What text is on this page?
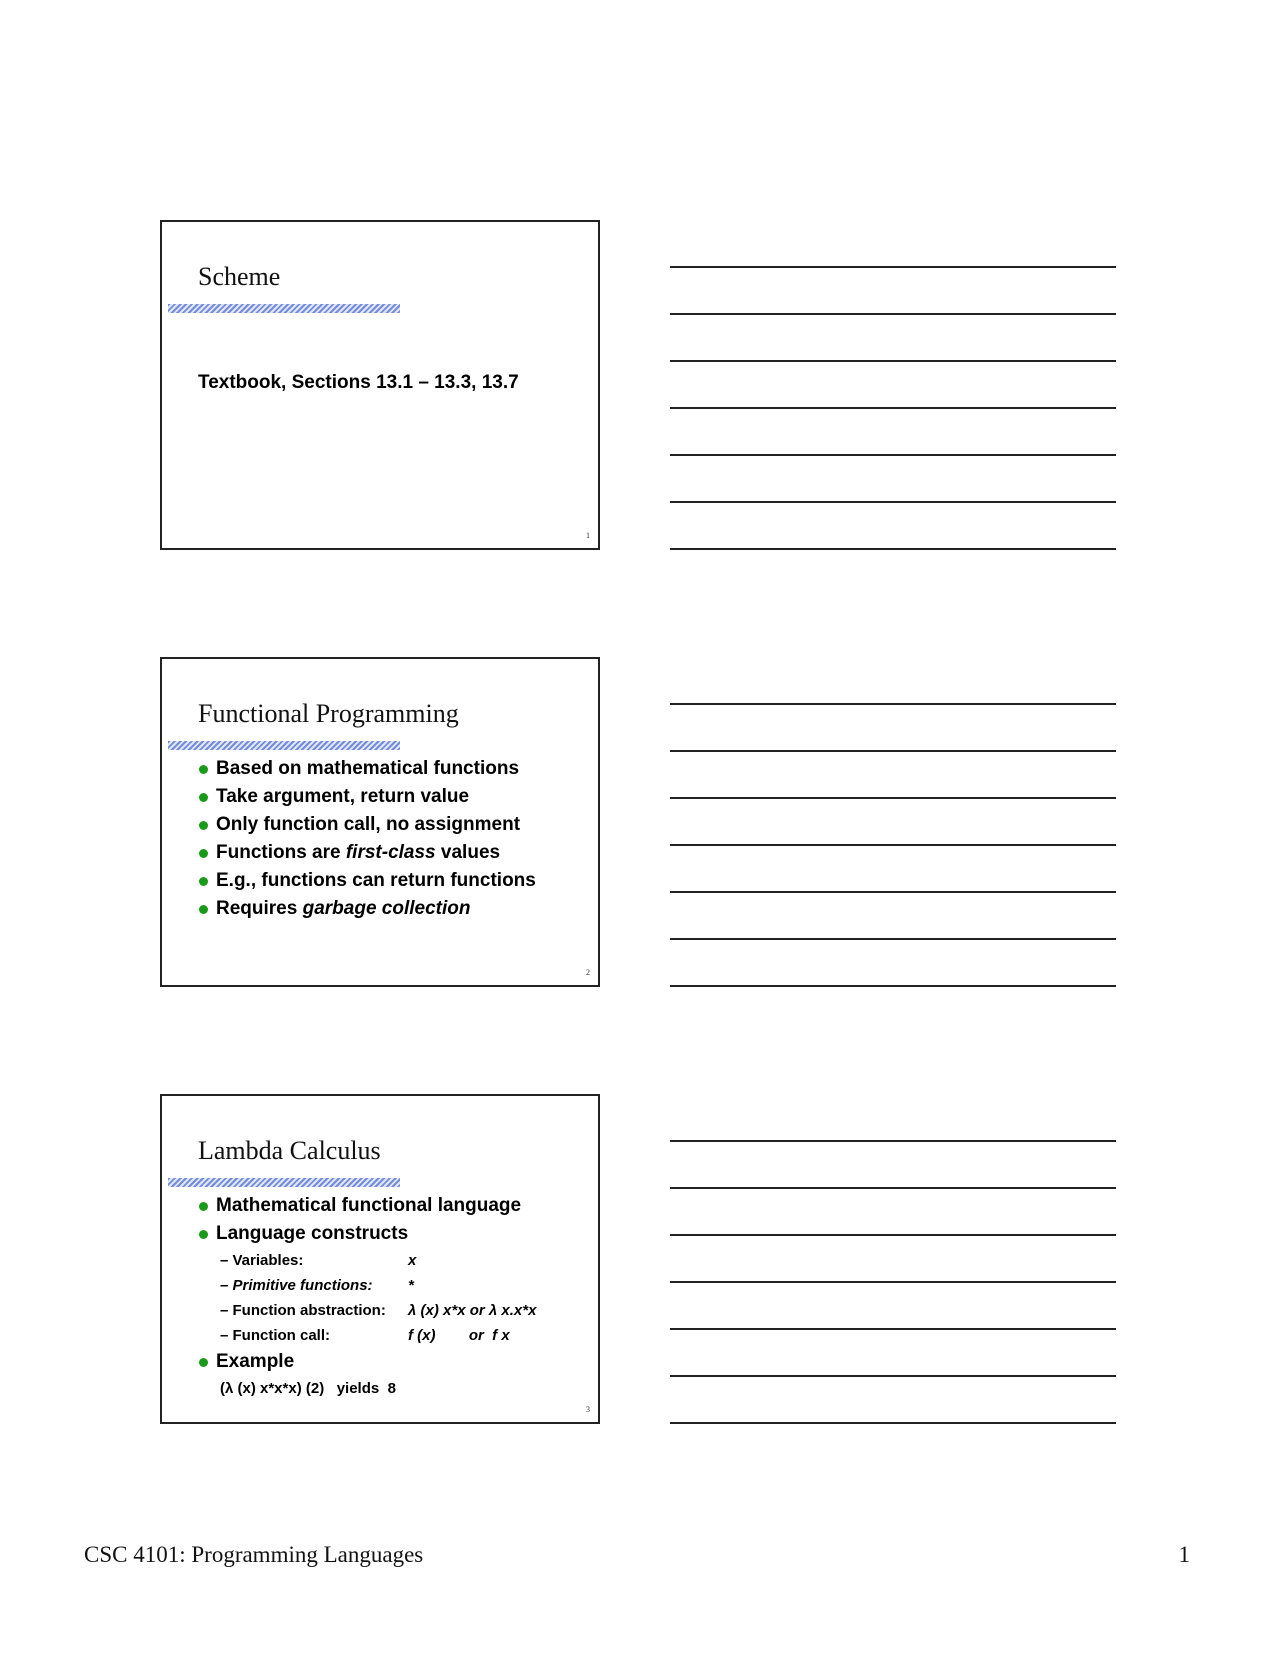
Scheme
Textbook, Sections 13.1 – 13.3, 13.7
1
Functional Programming
Based on mathematical functions
Take argument, return value
Only function call, no assignment
Functions are first-class values
E.g., functions can return functions
Requires garbage collection
2
Lambda Calculus
Mathematical functional language
Language constructs
– Variables:	x
– Primitive functions: *
– Function abstraction: λ (x) x*x or λ x.x*x
– Function call:	f (x)        or  f x
Example
(λ (x) x*x*x) (2)   yields  8
3
CSC 4101: Programming Languages	1
